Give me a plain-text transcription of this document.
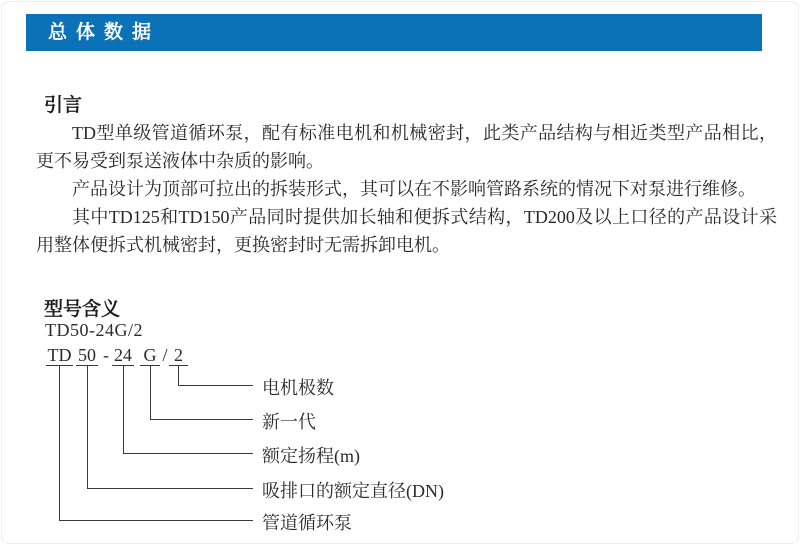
总体数据
引言

TD型单级管道循环泵，配有标准电机和机械密封，此类产品结构与相近类型产品相比，更不易受到泵送液体中杂质的影响。

产品设计为顶部可拉出的拆装形式，其可以在不影响管路系统的情况下对泵进行维修。

其中TD125和TD150产品同时提供加长轴和便拆式结构，TD200及以上口径的产品设计采用整体便拆式机械密封，更换密封时无需拆卸电机。

型号含义
TD50-24G/2
TD 50 - 24 G / 2
电机极数
新一代
额定扬程(m)
吸排口的额定直径(DN)
管道循环泵
